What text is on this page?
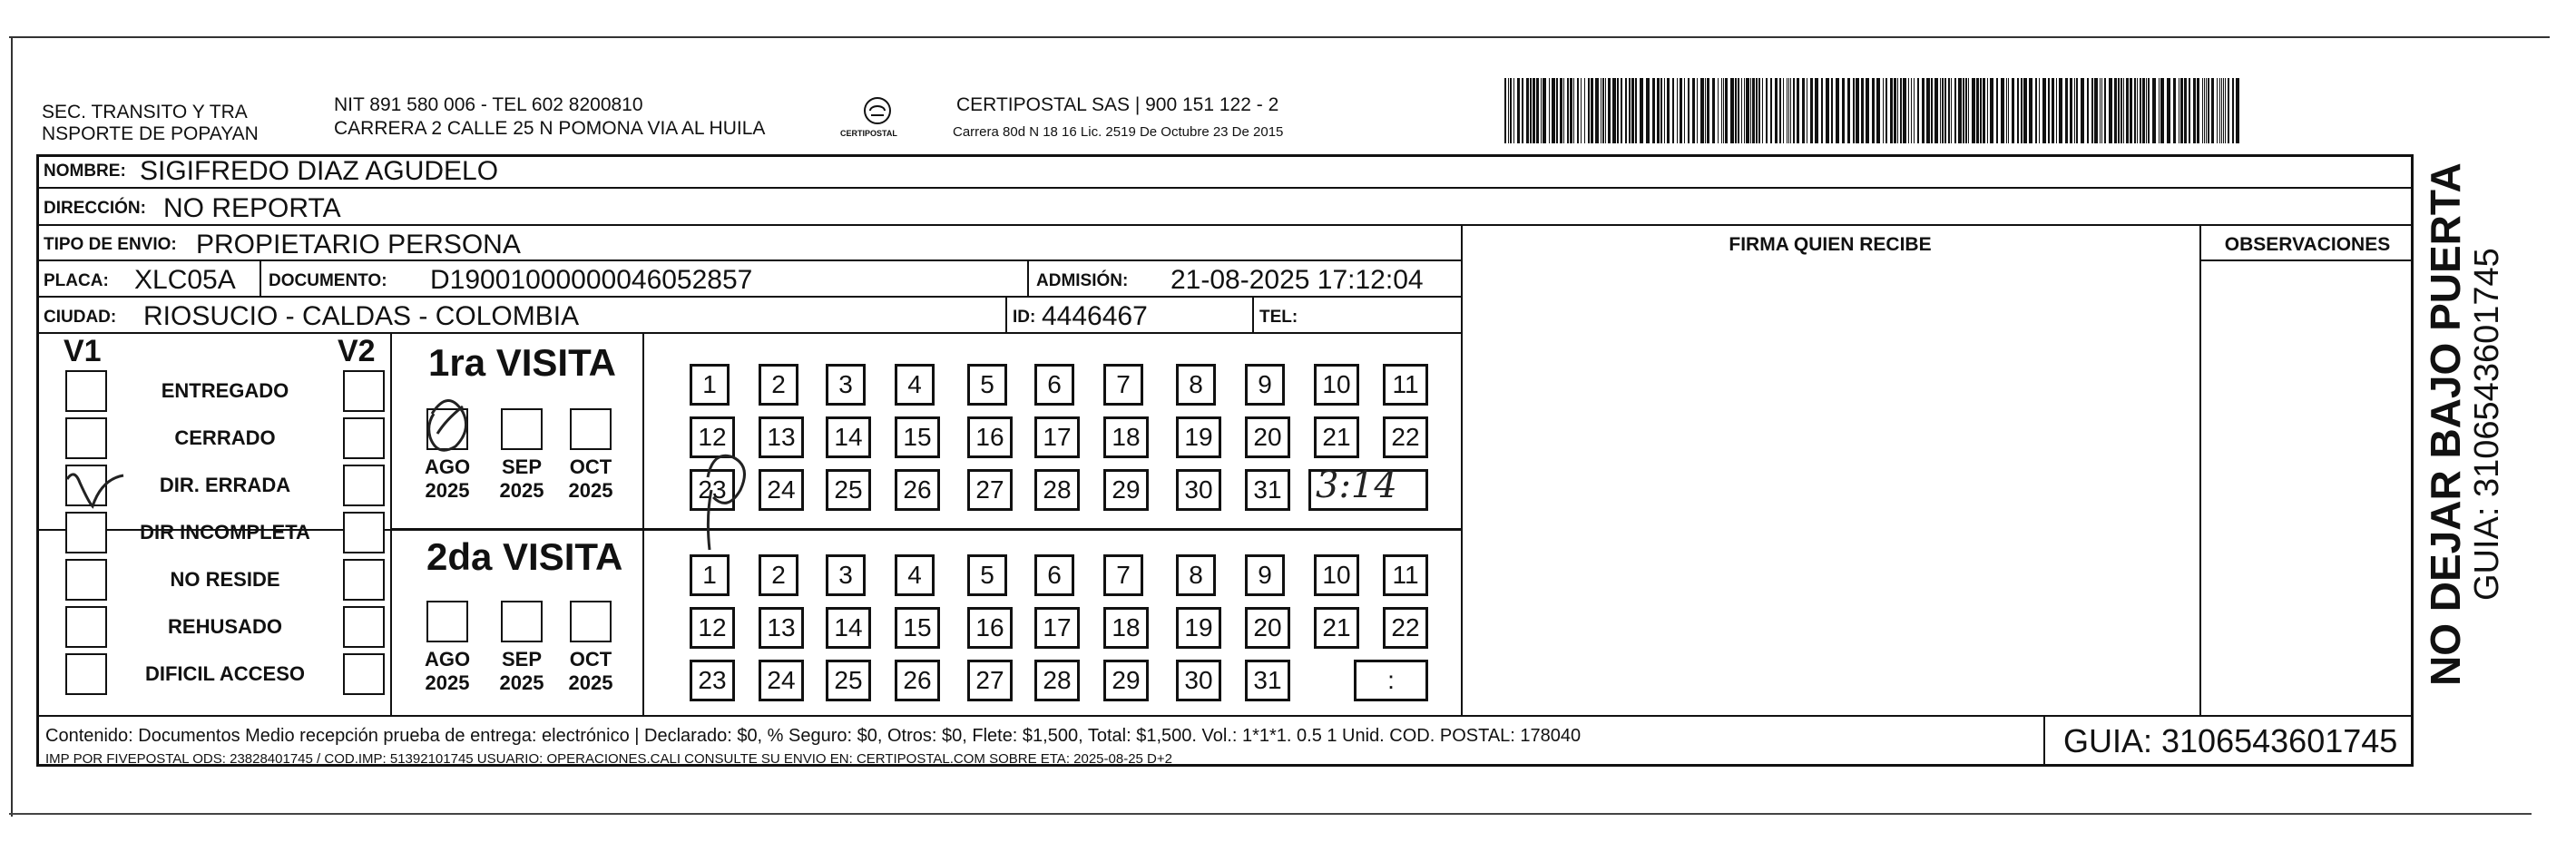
SEC. TRANSITO Y TRA
NSPORTE DE POPAYAN
NIT 891 580 006 - TEL 602 8200810
CARRERA 2 CALLE 25 N POMONA VIA AL HUILA	CERTIPOSTAL
CERTIPOSTAL SAS | 900 151 122 - 2
Carrera 80d N 18 16 Lic. 2519 De Octubre 23 De 2015
NOMBRE: SIGIFREDO DIAZ AGUDELO
DIRECCIÓN: NO REPORTA
TIPO DE ENVIO: PROPIETARIO PERSONA
PLACA: XLC05A DOCUMENTO: D19001000000046052857	ADMISIÓN: 21-08-2025 17:12:04
CIUDAD: RIOSUCIO - CALDAS - COLOMBIA	ID: 4446467	TEL:
FIRMA QUIEN RECIBE	OBSERVACIONES
V1	V2
ENTREGADO
CERRADO
DIR. ERRADA
DIR INCOMPLETA
NO RESIDE
REHUSADO
DIFICIL ACCESO
1ra VISITA
AGO
2025
SEP
2025
OCT
2025
2da VISITA
AGO
2025
SEP
2025
OCT
2025
1	2	3	4	5	6	7	8	9	10	11
12	13	14	15	16	17	18	19	20	21	22
23	24	25	26	27	28	29	30	31
1	2	3	4	5	6	7	8	9	10	11
12	13	14	15	16	17	18	19	20	21	22
23	24	25	26	27	28	29	30	31
3:14
:
Contenido: Documentos Medio recepción prueba de entrega: electrónico | Declarado: $0, % Seguro: $0, Otros: $0, Flete: $1,500, Total: $1,500. Vol.: 1*1*1. 0.5 1 Unid. COD. POSTAL: 178040
IMP POR FIVEPOSTAL ODS: 23828401745 / COD.IMP: 51392101745 USUARIO: OPERACIONES.CALI CONSULTE SU ENVIO EN: CERTIPOSTAL.COM SOBRE ETA: 2025-08-25 D+2	GUIA: 3106543601745
NO DEJAR BAJO PUERTA GUIA: 3106543601745
